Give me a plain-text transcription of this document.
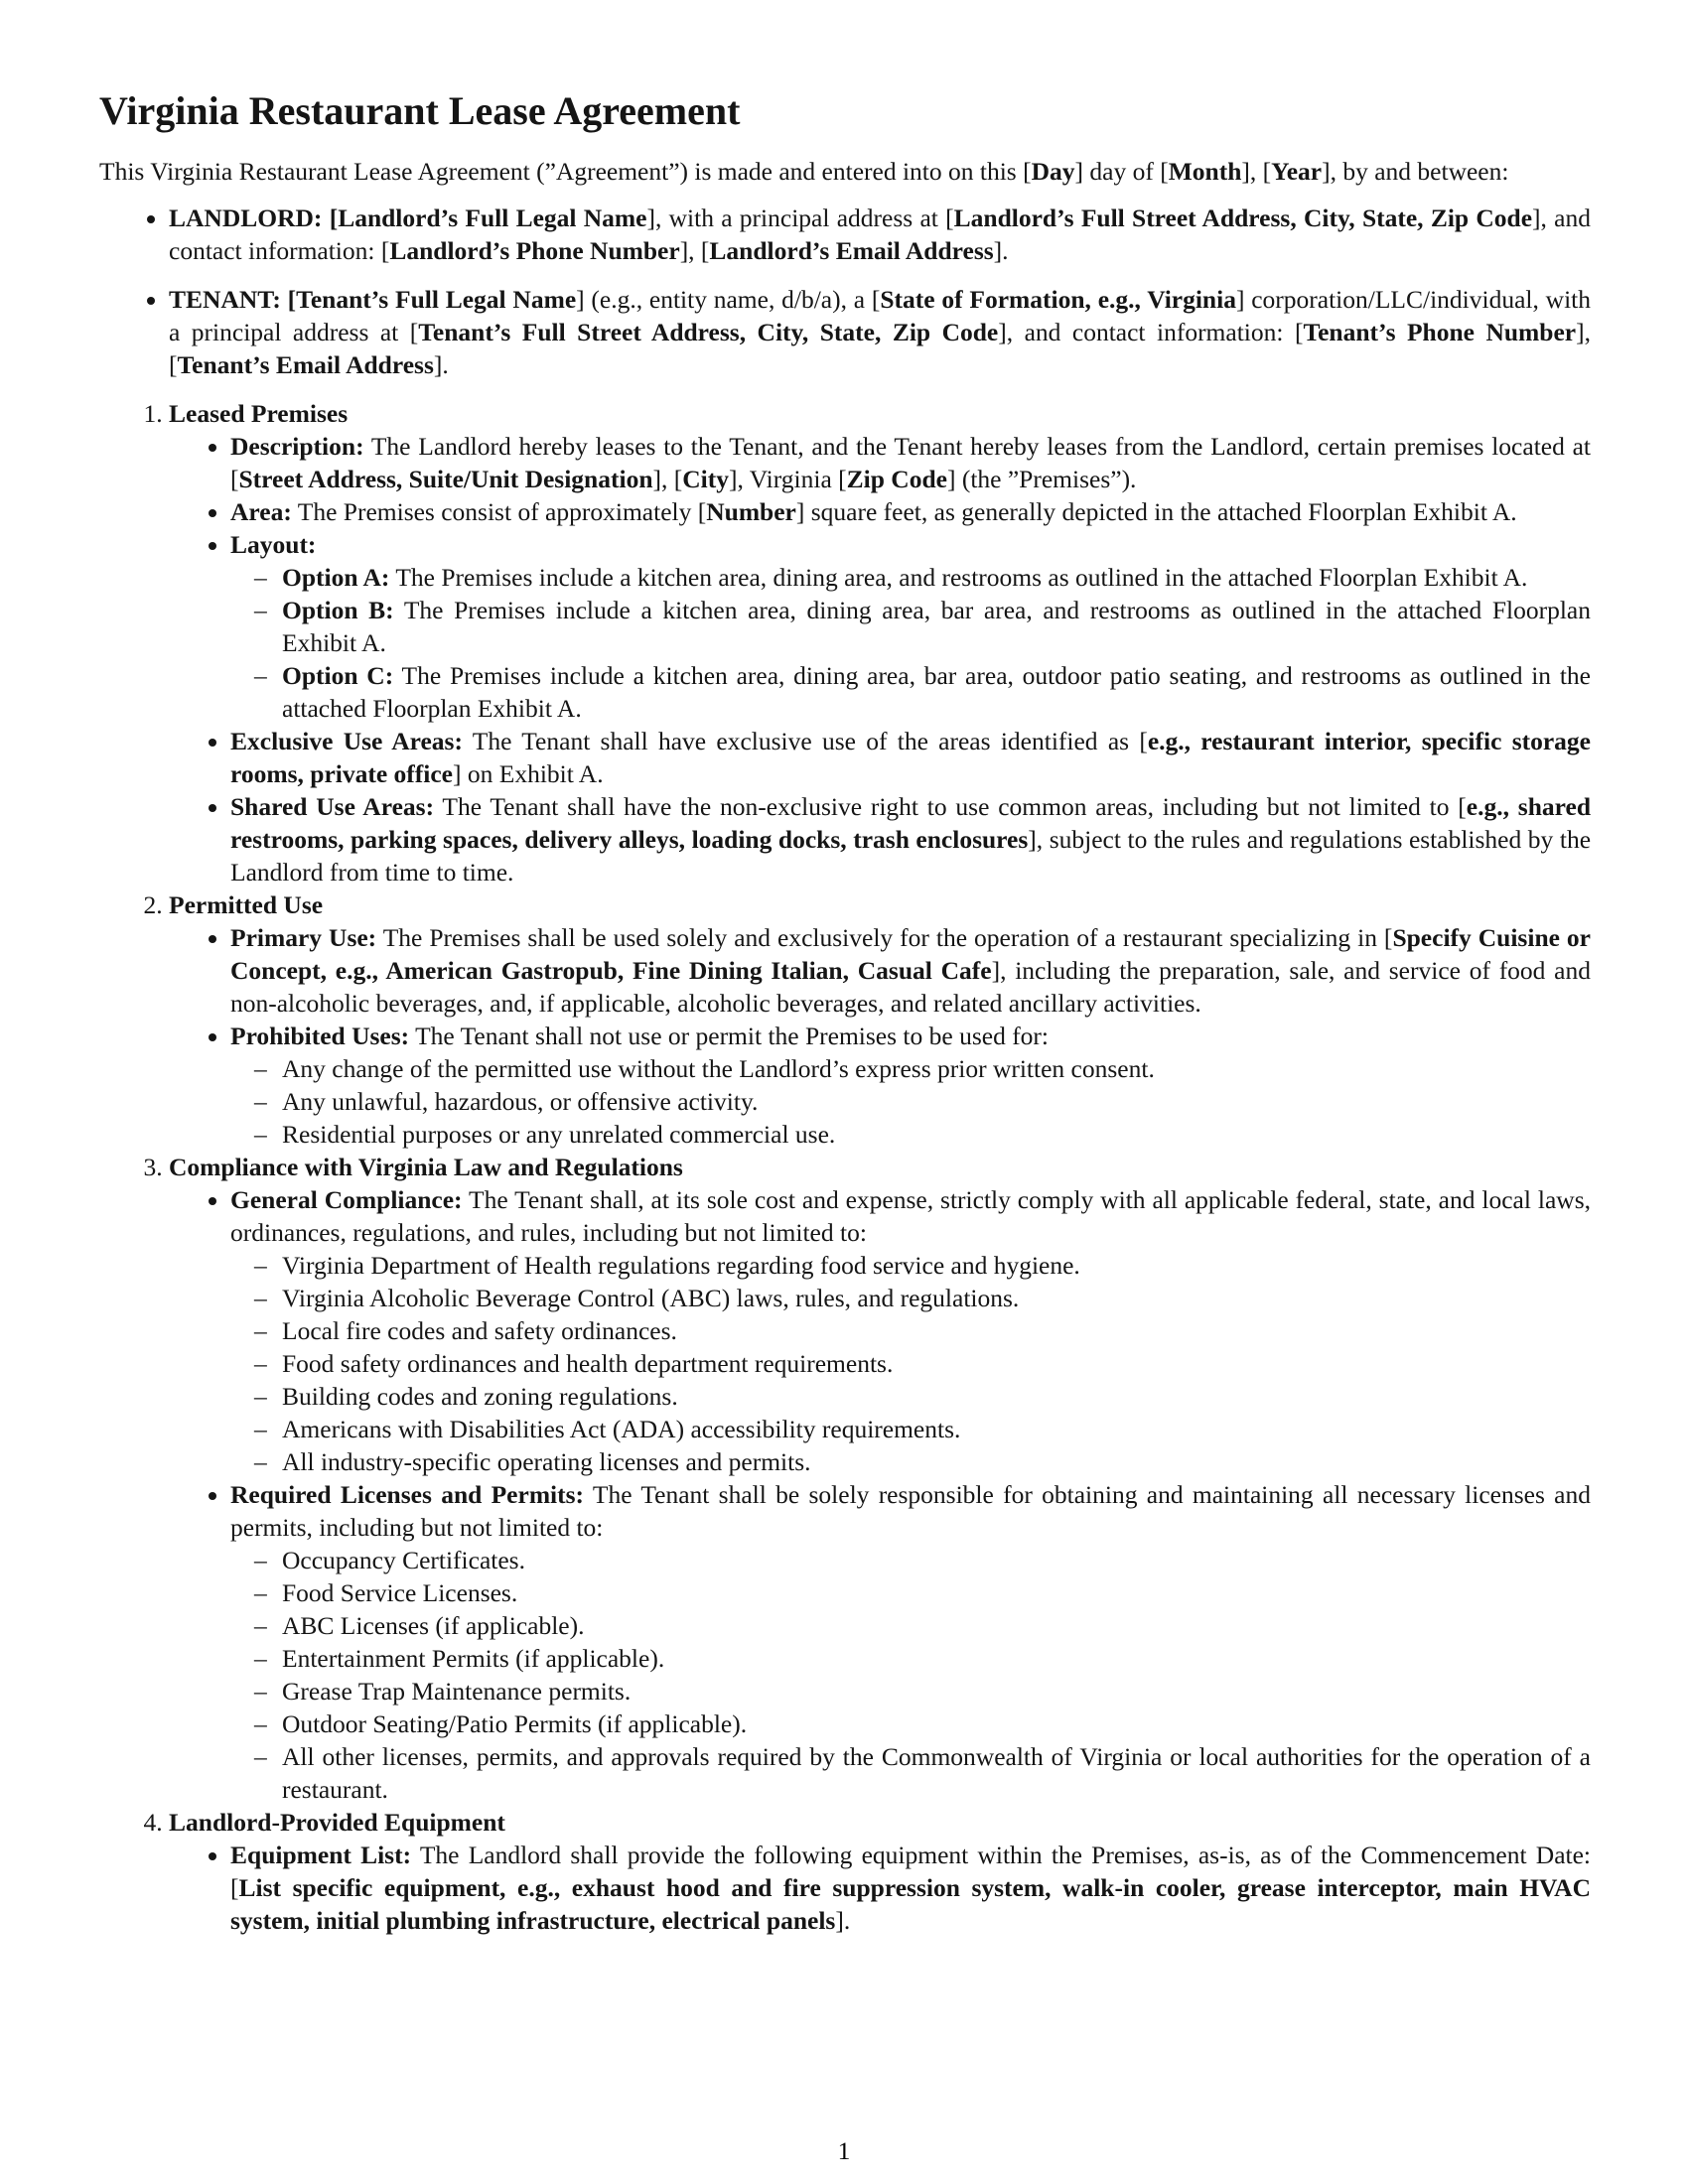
Virginia Restaurant Lease Agreement

This Virginia Restaurant Lease Agreement (”Agreement”) is made and entered into on this [Day] day of [Month], [Year], by and between:

• LANDLORD: [Landlord’s Full Legal Name], with a principal address at [Landlord’s Full Street Address, City, State, Zip Code], and contact information: [Landlord’s Phone Number], [Landlord’s Email Address].
• TENANT: [Tenant’s Full Legal Name] (e.g., entity name, d/b/a), a [State of Formation, e.g., Virginia] corporation/LLC/individual, with a principal address at [Tenant’s Full Street Address, City, State, Zip Code], and contact information: [Tenant’s Phone Number], [Tenant’s Email Address].
1. Leased Premises
• Description: The Landlord hereby leases to the Tenant, and the Tenant hereby leases from the Landlord, certain premises located at [Street Address, Suite/Unit Designation], [City], Virginia [Zip Code] (the ”Premises”).
• Area: The Premises consist of approximately [Number] square feet, as generally depicted in the attached Floorplan Exhibit A.
• Layout:
– Option A: The Premises include a kitchen area, dining area, and restrooms as outlined in the attached Floorplan Exhibit A.
– Option B: The Premises include a kitchen area, dining area, bar area, and restrooms as outlined in the attached Floorplan Exhibit A.
– Option C: The Premises include a kitchen area, dining area, bar area, outdoor patio seating, and restrooms as outlined in the attached Floorplan Exhibit A.
• Exclusive Use Areas: The Tenant shall have exclusive use of the areas identified as [e.g., restaurant interior, specific storage rooms, private office] on Exhibit A.
• Shared Use Areas: The Tenant shall have the non-exclusive right to use common areas, including but not limited to [e.g., shared restrooms, parking spaces, delivery alleys, loading docks, trash enclosures], subject to the rules and regulations established by the Landlord from time to time.
2. Permitted Use
• Primary Use: The Premises shall be used solely and exclusively for the operation of a restaurant specializing in [Specify Cuisine or Concept, e.g., American Gastropub, Fine Dining Italian, Casual Cafe], including the preparation, sale, and service of food and non-alcoholic beverages, and, if applicable, alcoholic beverages, and related ancillary activities.
• Prohibited Uses: The Tenant shall not use or permit the Premises to be used for:
– Any change of the permitted use without the Landlord’s express prior written consent.
– Any unlawful, hazardous, or offensive activity.
– Residential purposes or any unrelated commercial use.
3. Compliance with Virginia Law and Regulations
• General Compliance: The Tenant shall, at its sole cost and expense, strictly comply with all applicable federal, state, and local laws, ordinances, regulations, and rules, including but not limited to:
– Virginia Department of Health regulations regarding food service and hygiene.
– Virginia Alcoholic Beverage Control (ABC) laws, rules, and regulations.
– Local fire codes and safety ordinances.
– Food safety ordinances and health department requirements.
– Building codes and zoning regulations.
– Americans with Disabilities Act (ADA) accessibility requirements.
– All industry-specific operating licenses and permits.
• Required Licenses and Permits: The Tenant shall be solely responsible for obtaining and maintaining all necessary licenses and permits, including but not limited to:
– Occupancy Certificates.
– Food Service Licenses.
– ABC Licenses (if applicable).
– Entertainment Permits (if applicable).
– Grease Trap Maintenance permits.
– Outdoor Seating/Patio Permits (if applicable).
– All other licenses, permits, and approvals required by the Commonwealth of Virginia or local authorities for the operation of a restaurant.
4. Landlord-Provided Equipment
• Equipment List: The Landlord shall provide the following equipment within the Premises, as-is, as of the Commencement Date: [List specific equipment, e.g., exhaust hood and fire suppression system, walk-in cooler, grease interceptor, main HVAC system, initial plumbing infrastructure, electrical panels].
1
